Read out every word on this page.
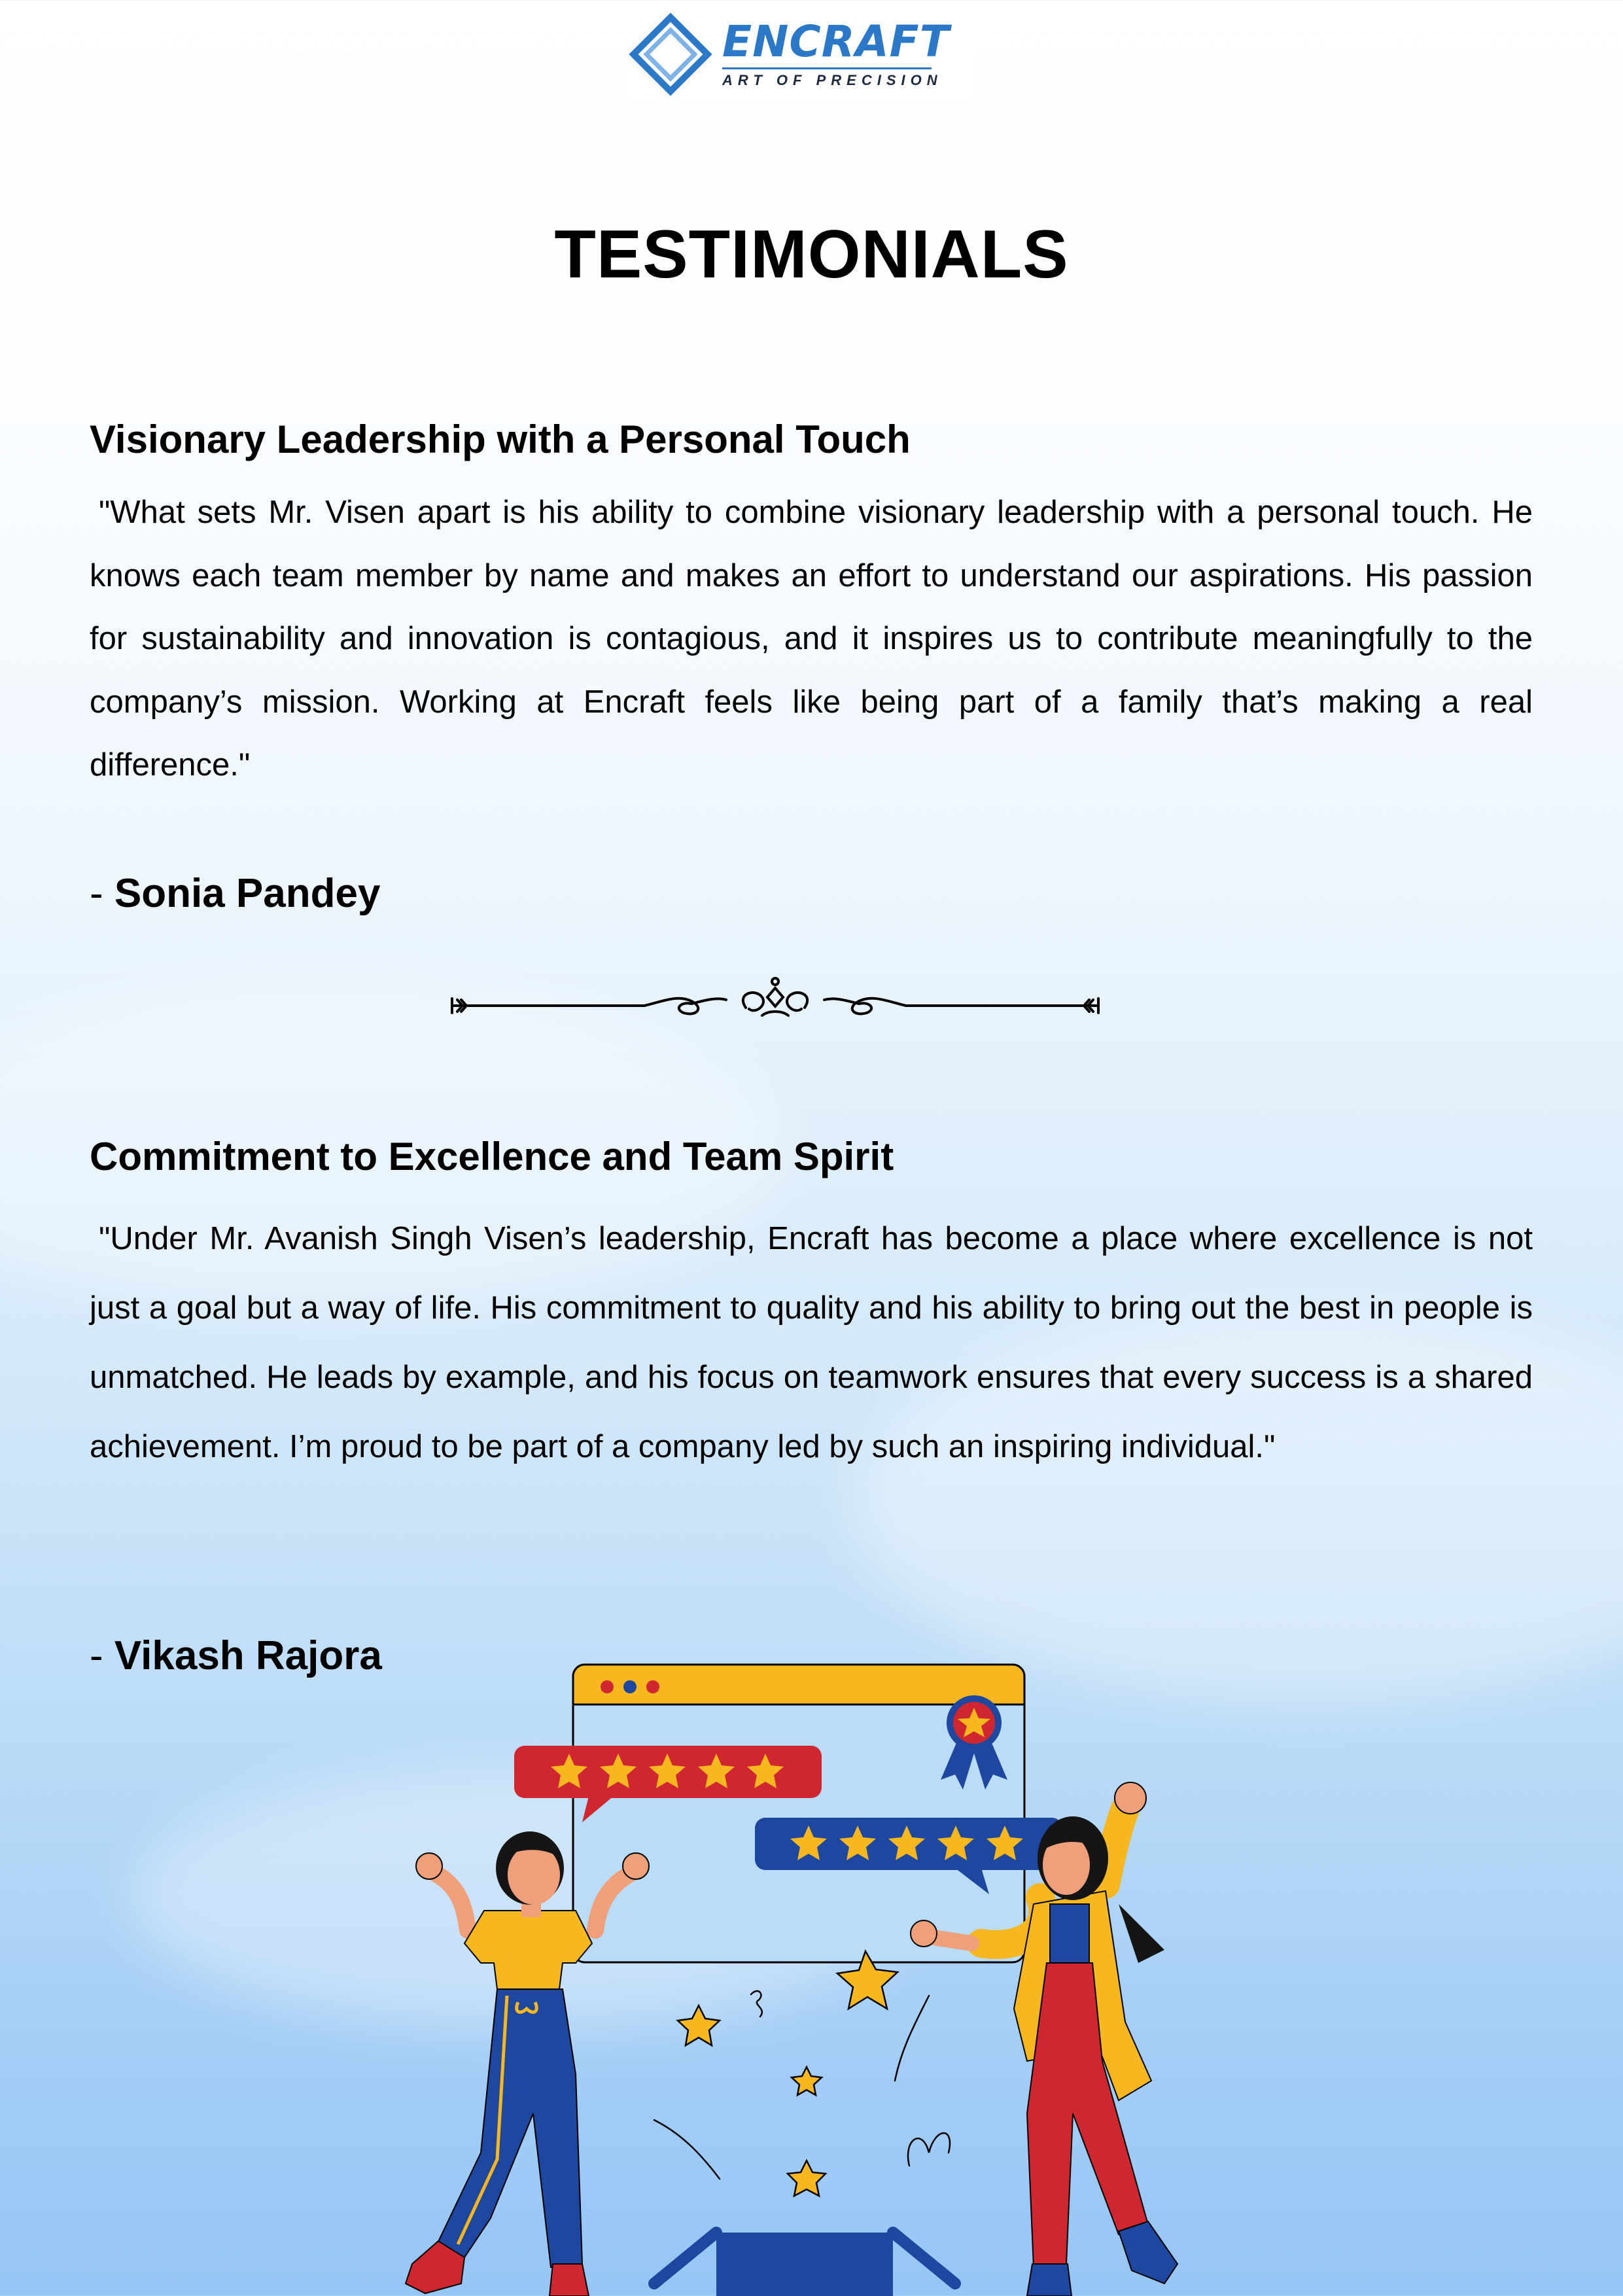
ENCRAFT
ART OF PRECISION
TESTIMONIALS
Visionary Leadership with a Personal Touch
"What sets Mr. Visen apart is his ability to combine visionary leadership with a personal touch. He knows each team member by name and makes an effort to understand our aspirations. His passion for sustainability and innovation is contagious, and it inspires us to contribute meaningfully to the company’s mission. Working at Encraft feels like being part of a family that’s making a real difference."
- Sonia Pandey
Commitment to Excellence and Team Spirit
"Under Mr. Avanish Singh Visen’s leadership, Encraft has become a place where excellence is not just a goal but a way of life. His commitment to quality and his ability to bring out the best in people is unmatched. He leads by example, and his focus on teamwork ensures that every success is a shared achievement. I’m proud to be part of a company led by such an inspiring individual."
- Vikash Rajora
